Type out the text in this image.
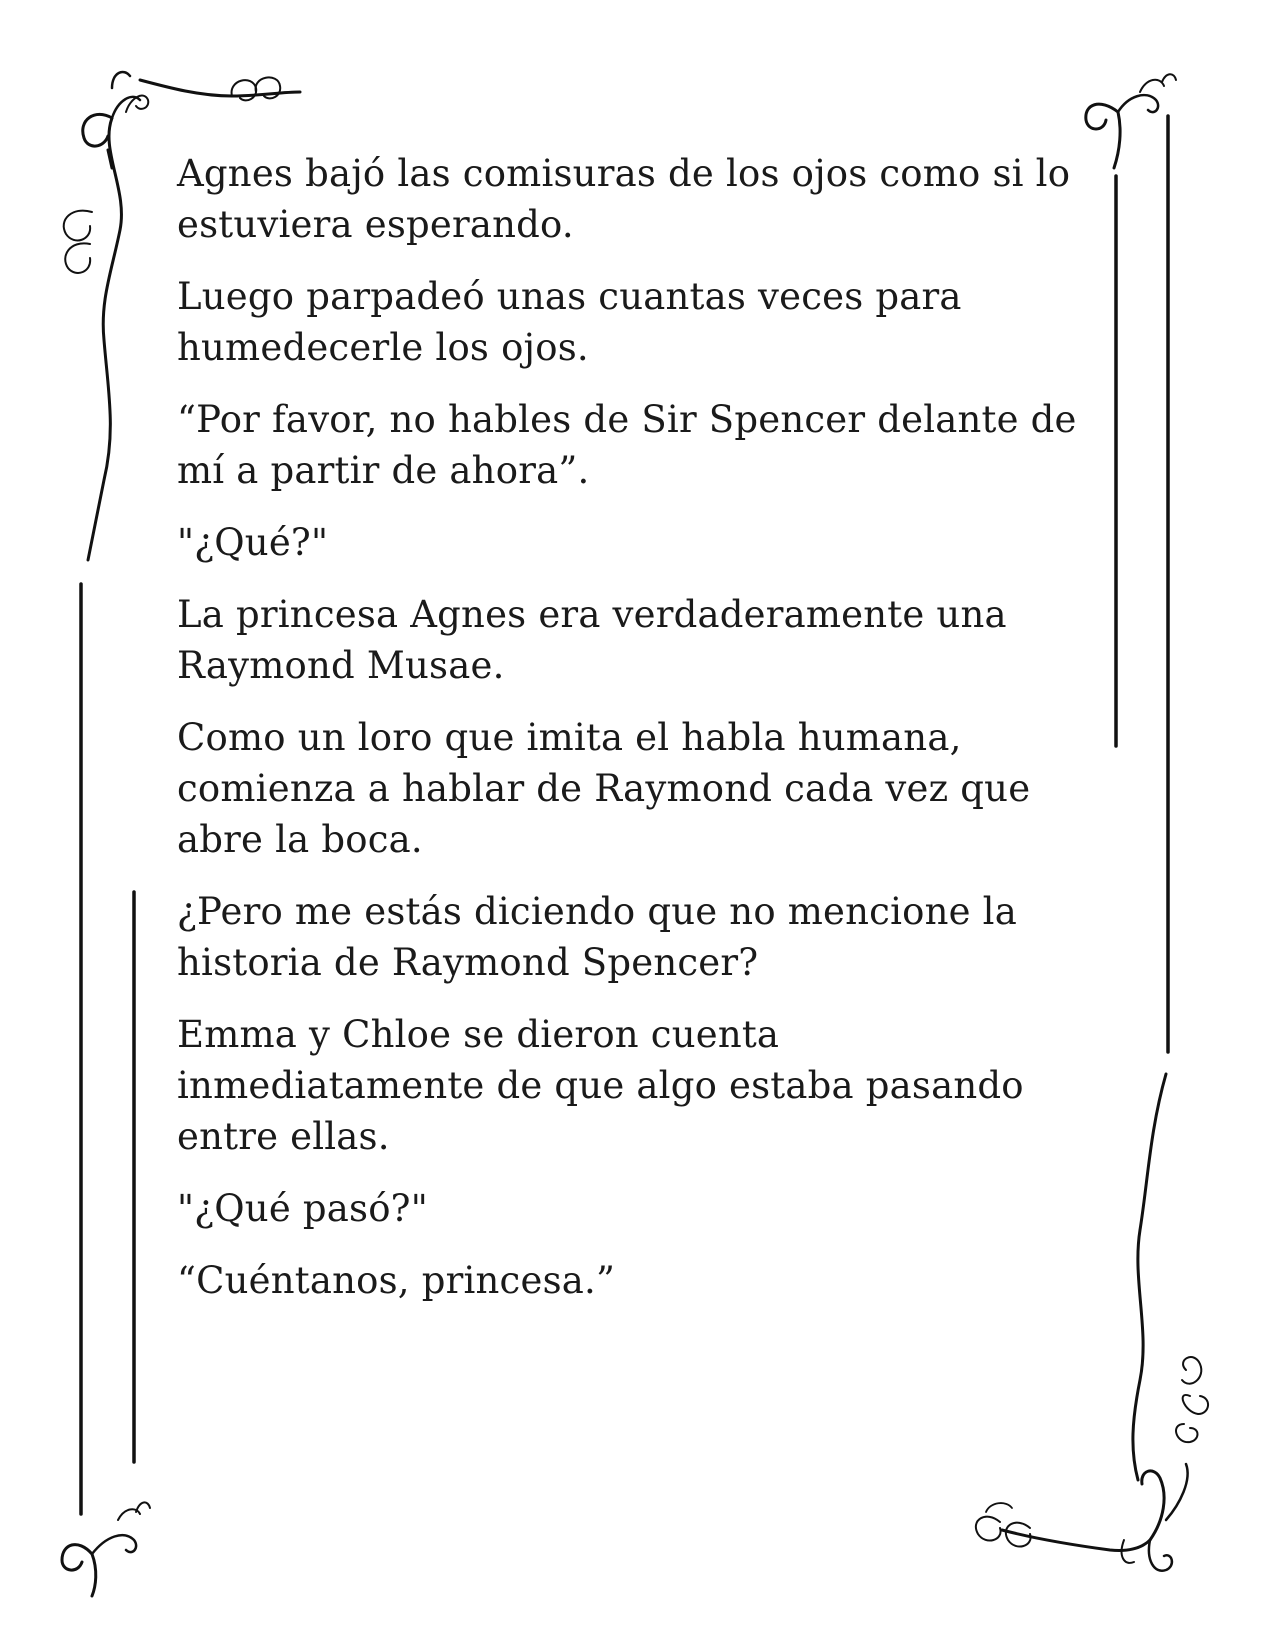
Agnes bajó las comisuras de los ojos como si lo estuviera esperando.

Luego parpadeó unas cuantas veces para humedecerle los ojos.

“Por favor, no hables de Sir Spencer delante de mí a partir de ahora”.

"¿Qué?"

La princesa Agnes era verdaderamente una Raymond Musae.

Como un loro que imita el habla humana, comienza a hablar de Raymond cada vez que abre la boca.

¿Pero me estás diciendo que no mencione la historia de Raymond Spencer?

Emma y Chloe se dieron cuenta inmediatamente de que algo estaba pasando entre ellas.

"¿Qué pasó?"

“Cuéntanos, princesa.”
